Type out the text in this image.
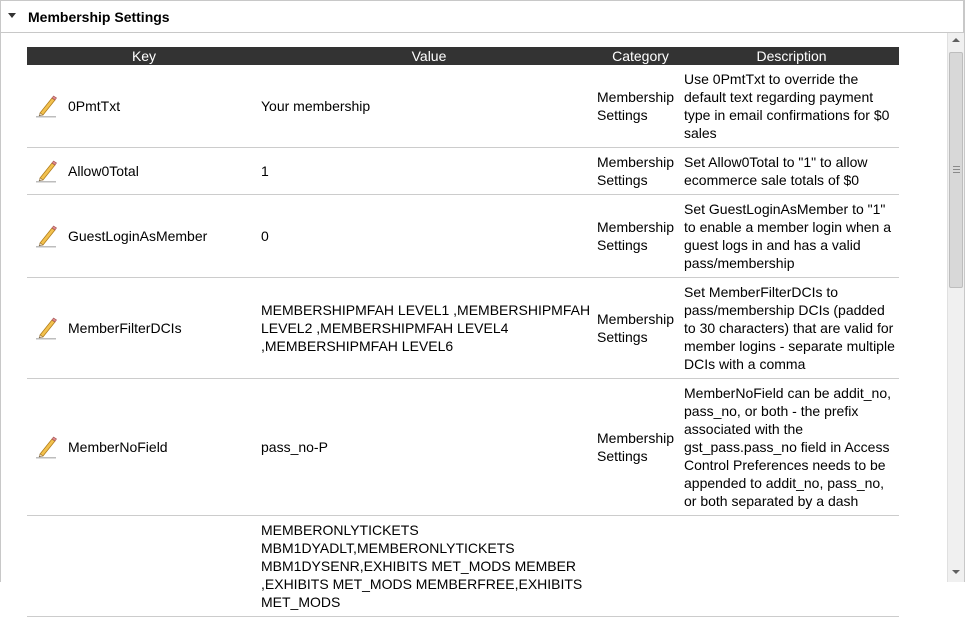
Membership Settings
Key		Value	Category	Description

	0PmtTxt	Your membership	Membership Settings	Use 0PmtTxt to override the default text regarding payment type in email confirmations for $0 sales

	Allow0Total	1	Membership Settings	Set Allow0Total to "1" to allow ecommerce sale totals of $0

	GuestLoginAsMember	0	Membership Settings	Set GuestLoginAsMember to "1" to enable a member login when a guest logs in and has a valid pass/membership

	MemberFilterDCIs	MEMBERSHIPMFAH LEVEL1 ,MEMBERSHIPMFAH LEVEL2 ,MEMBERSHIPMFAH LEVEL4 ,MEMBERSHIPMFAH LEVEL6	Membership Settings	Set MemberFilterDCIs to pass/membership DCIs (padded to 30 characters) that are valid for member logins - separate multiple DCIs with a comma

	MemberNoField	pass_no-P	Membership Settings	MemberNoField can be addit_no, pass_no, or both - the prefix associated with the gst_pass.pass_no field in Access Control Preferences needs to be appended to addit_no, pass_no, or both separated by a dash
		MEMBERONLYTICKETS MBM1DYADLT,MEMBERONLYTICKETS MBM1DYSENR,EXHIBITS MET_MODS MEMBER ,EXHIBITS MET_MODS MEMBERFREE,EXHIBITS MET_MODS		
